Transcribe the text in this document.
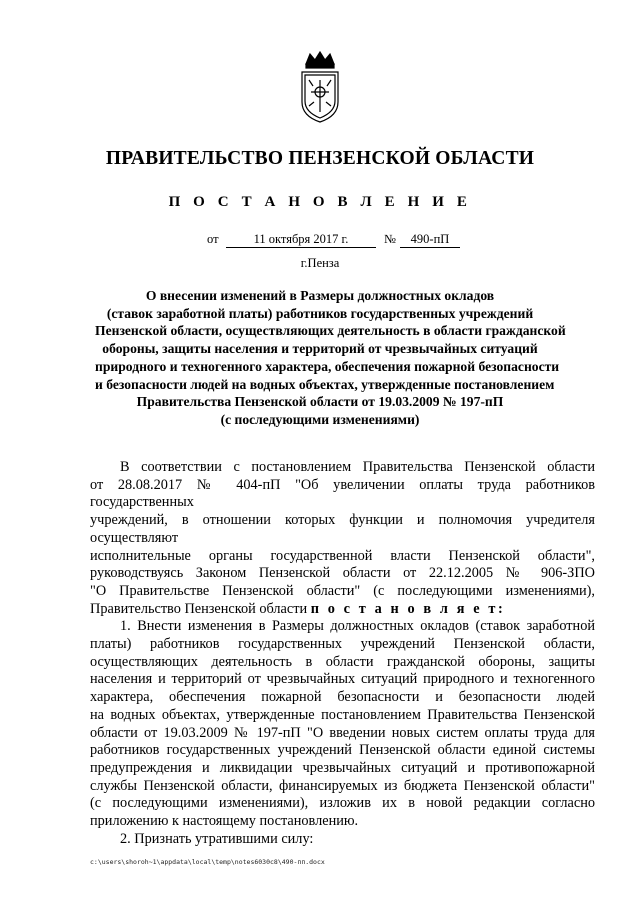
ПРАВИТЕЛЬСТВО ПЕНЗЕНСКОЙ ОБЛАСТИ
П О С Т А Н О В Л Е Н И Е
от	11 октября 2017 г.	№	490-пП
г.Пенза
О внесении изменений в Размеры должностных окладов
(ставок заработной платы) работников государственных учреждений
Пензенской области, осуществляющих деятельность в области гражданской
обороны, защиты населения и территорий от чрезвычайных ситуаций
природного и техногенного характера, обеспечения пожарной безопасности
и безопасности людей на водных объектах, утвержденные постановлением
Правительства Пензенской области от 19.03.2009 № 197-пП
(с последующими изменениями)

В соответствии с постановлением Правительства Пензенской области

от 28.08.2017 № 404-пП "Об увеличении оплаты труда работников государственных

учреждений, в отношении которых функции и полномочия учредителя осуществляют

исполнительные органы государственной власти Пензенской области",

руководствуясь Законом Пензенской области от 22.12.2005 № 906-ЗПО

"О Правительстве Пензенской области" (с последующими изменениями),

Правительство Пензенской области п о с т а н о в л я е т:

1. Внести изменения в Размеры должностных окладов (ставок заработной

платы) работников государственных учреждений Пензенской области,

осуществляющих деятельность в области гражданской обороны, защиты

населения и территорий от чрезвычайных ситуаций природного и техногенного

характера, обеспечения пожарной безопасности и безопасности людей

на водных объектах, утвержденные постановлением Правительства Пензенской

области от 19.03.2009 № 197-пП "О введении новых систем оплаты труда для

работников государственных учреждений Пензенской области единой системы

предупреждения и ликвидации чрезвычайных ситуаций и противопожарной

службы Пензенской области, финансируемых из бюджета Пензенской области"

(с последующими изменениями), изложив их в новой редакции согласно

приложению к настоящему постановлению.

2. Признать утратившими силу:

c:\users\shoroh~1\appdata\local\temp\notes6030c8\490-пп.docx
